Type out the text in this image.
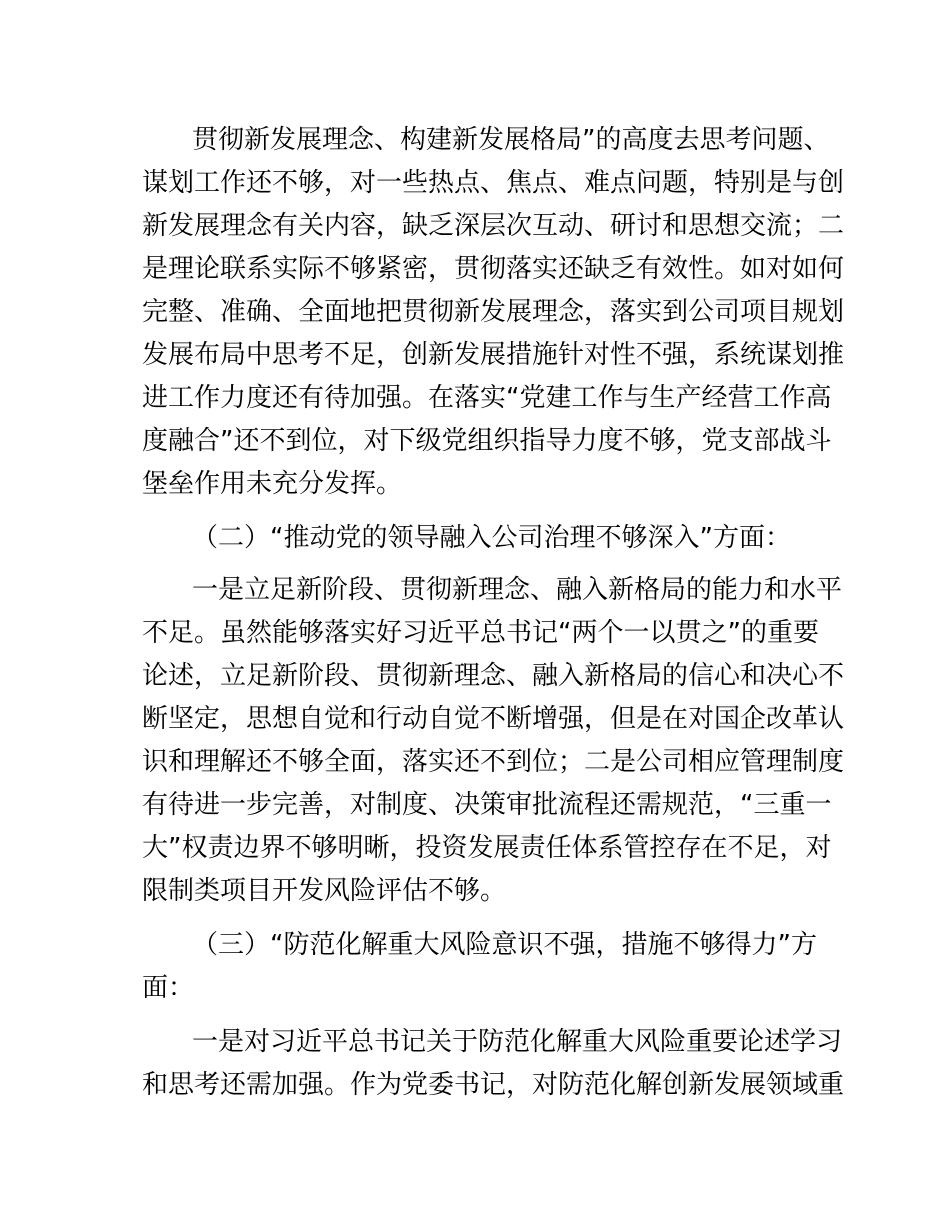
贯彻新发展理念、构建新发展格局”的高度去思考问题、
谋划工作还不够，对一些热点、焦点、难点问题，特别是与创
新发展理念有关内容，缺乏深层次互动、研讨和思想交流；二
是理论联系实际不够紧密，贯彻落实还缺乏有效性。如对如何
完整、准确、全面地把贯彻新发展理念，落实到公司项目规划
发展布局中思考不足，创新发展措施针对性不强，系统谋划推
进工作力度还有待加强。在落实“党建工作与生产经营工作高
度融合”还不到位，对下级党组织指导力度不够，党支部战斗
堡垒作用未充分发挥。
（二）“推动党的领导融入公司治理不够深入”方面：
一是立足新阶段、贯彻新理念、融入新格局的能力和水平
不足。虽然能够落实好习近平总书记“两个一以贯之”的重要
论述，立足新阶段、贯彻新理念、融入新格局的信心和决心不
断坚定，思想自觉和行动自觉不断增强，但是在对国企改革认
识和理解还不够全面，落实还不到位；二是公司相应管理制度
有待进一步完善，对制度、决策审批流程还需规范，“三重一
大”权责边界不够明晰，投资发展责任体系管控存在不足，对
限制类项目开发风险评估不够。
（三）“防范化解重大风险意识不强，措施不够得力”方
面：
一是对习近平总书记关于防范化解重大风险重要论述学习
和思考还需加强。作为党委书记，对防范化解创新发展领域重
